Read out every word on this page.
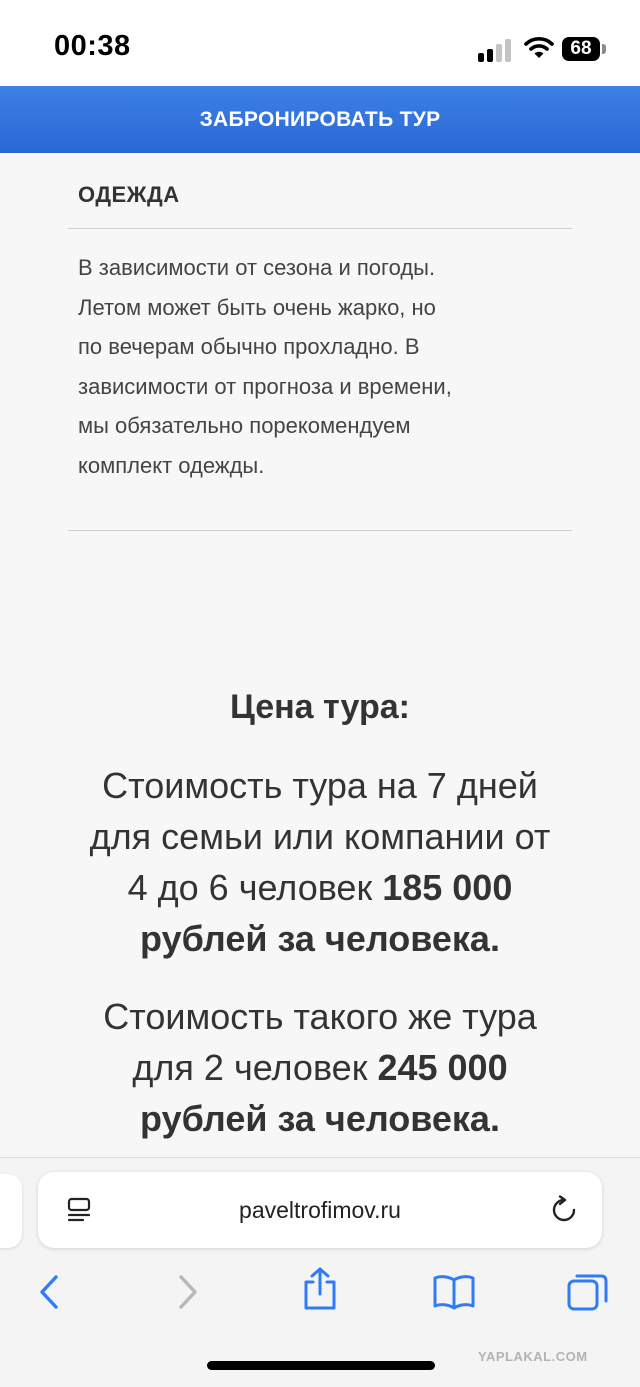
00:38	68
ЗАБРОНИРОВАТЬ ТУР
ОДЕЖДА
В зависимости от сезона и погоды.
Летом может быть очень жарко, но
по вечерам обычно прохладно. В
зависимости от прогноза и времени,
мы обязательно порекомендуем
комплект одежды.
Цена тура:
Стоимость тура на 7 дней
для семьи или компании от
4 до 6 человек 185 000
рублей за человека.
Стоимость такого же тура
для 2 человек 245 000
рублей за человека.
paveltrofimov.ru
YAPLAKAL.COM
